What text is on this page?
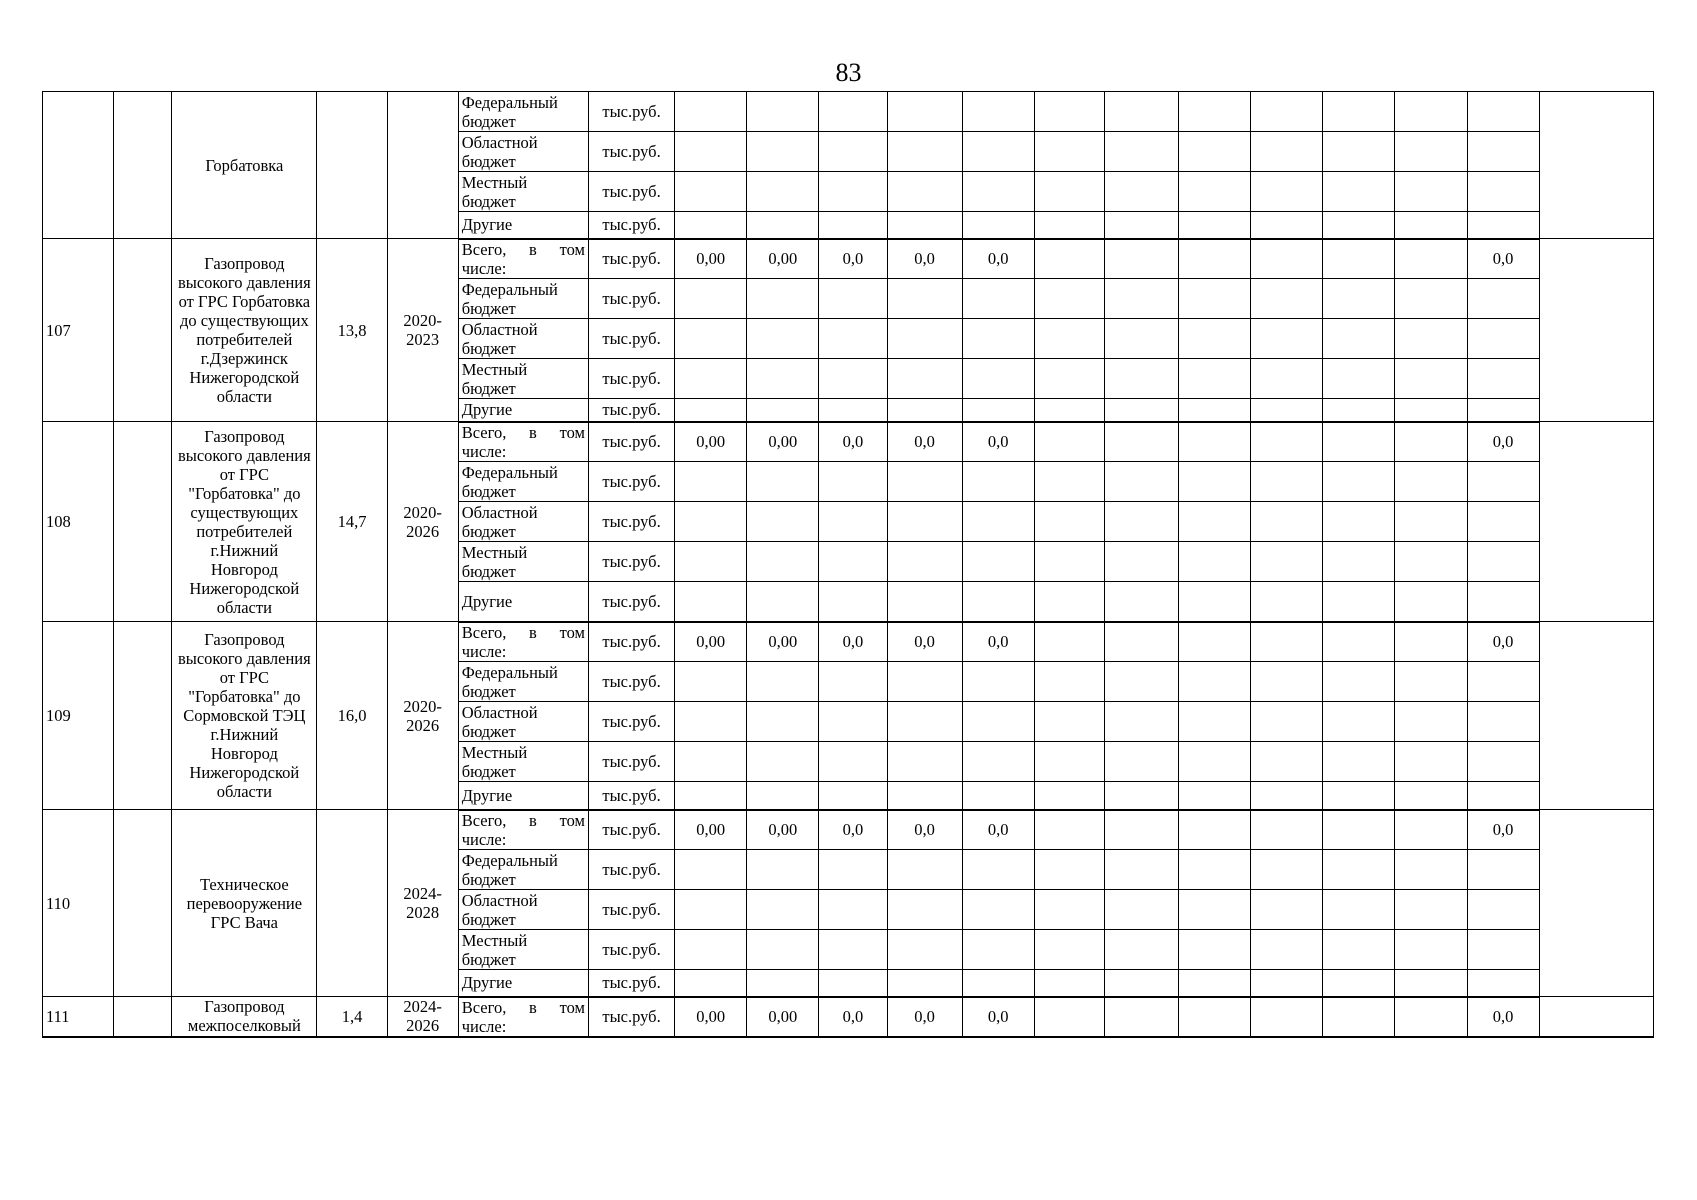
83
		Горбатовка			Федеральный бюджет	тыс.руб.													
					Областной бюджет	тыс.руб.													
					Местный бюджет	тыс.руб.													
					Другие	тыс.руб.													
107		Газопровод высокого давления от ГРС Горбатовка до существующих потребителей г.Дзержинск Нижегородской области	13,8	2020-2023	Всего, в том числе:	тыс.руб.	0,00	0,00	0,0	0,0	0,0							0,0	
					Федеральный бюджет	тыс.руб.													
					Областной бюджет	тыс.руб.													
					Местный бюджет	тыс.руб.													
					Другие	тыс.руб.													
108		Газопровод высокого давления от ГРС "Горбатовка" до существующих потребителей г.Нижний Новгород Нижегородской области	14,7	2020-2026	Всего, в том числе:	тыс.руб.	0,00	0,00	0,0	0,0	0,0							0,0	
					Федеральный бюджет	тыс.руб.													
					Областной бюджет	тыс.руб.													
					Местный бюджет	тыс.руб.													
					Другие	тыс.руб.													
109		Газопровод высокого давления от ГРС "Горбатовка" до Сормовской ТЭЦ г.Нижний Новгород Нижегородской области	16,0	2020-2026	Всего, в том числе:	тыс.руб.	0,00	0,00	0,0	0,0	0,0							0,0	
					Федеральный бюджет	тыс.руб.													
					Областной бюджет	тыс.руб.													
					Местный бюджет	тыс.руб.													
					Другие	тыс.руб.													
110		Техническое перевооружение ГРС Вача		2024-2028	Всего, в том числе:	тыс.руб.	0,00	0,00	0,0	0,0	0,0							0,0	
					Федеральный бюджет	тыс.руб.													
					Областной бюджет	тыс.руб.													
					Местный бюджет	тыс.руб.													
					Другие	тыс.руб.													
111		Газопровод межпоселковый	1,4	2024-2026	Всего, в том числе:	тыс.руб.	0,00	0,00	0,0	0,0	0,0							0,0	
